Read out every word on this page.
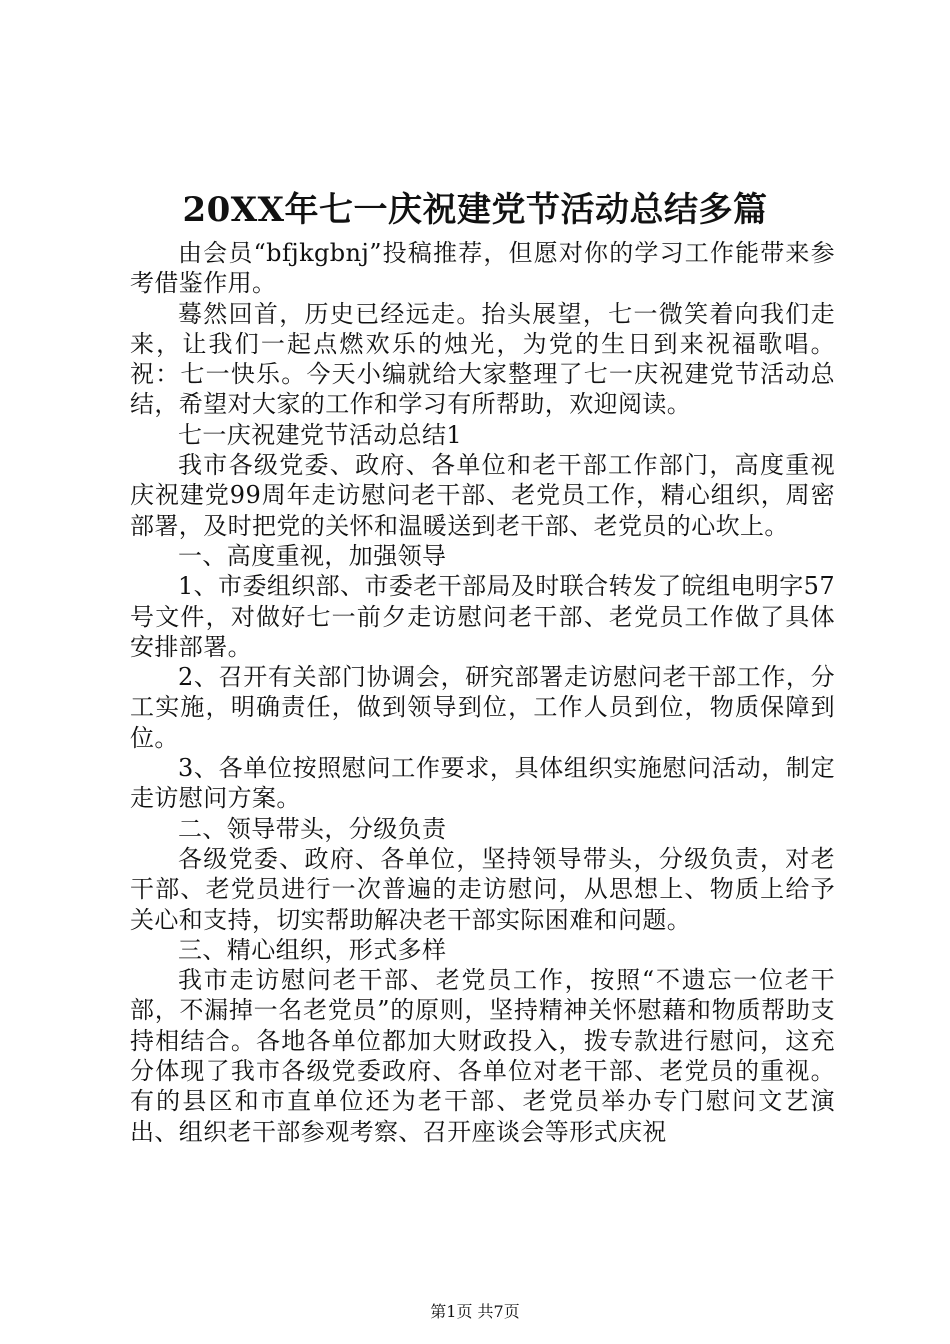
20XX年七一庆祝建党节活动总结多篇

由会员“bfjkgbnj”投稿推荐，但愿对你的学习工作能带来参考借鉴作用。

蓦然回首，历史已经远走。抬头展望，七一微笑着向我们走来，让我们一起点燃欢乐的烛光，为党的生日到来祝福歌唱。祝：七一快乐。今天小编就给大家整理了七一庆祝建党节活动总结，希望对大家的工作和学习有所帮助，欢迎阅读。

七一庆祝建党节活动总结1

我市各级党委、政府、各单位和老干部工作部门，高度重视庆祝建党99周年走访慰问老干部、老党员工作，精心组织，周密部署，及时把党的关怀和温暖送到老干部、老党员的心坎上。

一、高度重视，加强领导

1、市委组织部、市委老干部局及时联合转发了皖组电明字57号文件，对做好七一前夕走访慰问老干部、老党员工作做了具体安排部署。

2、召开有关部门协调会，研究部署走访慰问老干部工作，分工实施，明确责任，做到领导到位，工作人员到位，物质保障到位。

3、各单位按照慰问工作要求，具体组织实施慰问活动，制定走访慰问方案。

二、领导带头，分级负责

各级党委、政府、各单位，坚持领导带头，分级负责，对老干部、老党员进行一次普遍的走访慰问，从思想上、物质上给予关心和支持，切实帮助解决老干部实际困难和问题。

三、精心组织，形式多样

我市走访慰问老干部、老党员工作，按照“不遗忘一位老干部，不漏掉一名老党员”的原则，坚持精神关怀慰藉和物质帮助支持相结合。各地各单位都加大财政投入，拨专款进行慰问，这充分体现了我市各级党委政府、各单位对老干部、老党员的重视。有的县区和市直单位还为老干部、老党员举办专门慰问文艺演出、组织老干部参观考察、召开座谈会等形式庆祝

第1页 共7页
